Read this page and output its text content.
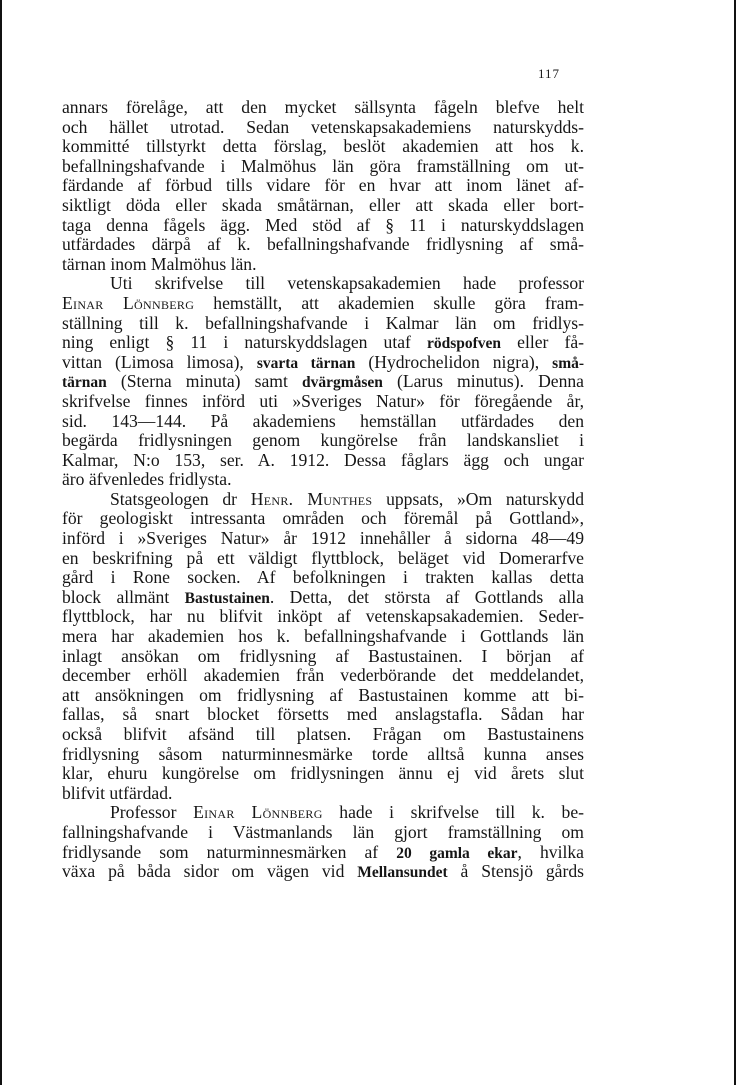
117
annars förelåge, att den mycket sällsynta fågeln blefve helt
och hället utrotad. Sedan vetenskapsakademiens naturskydds-
kommitté tillstyrkt detta förslag, beslöt akademien att hos k.
befallningshafvande i Malmöhus län göra framställning om ut-
färdande af förbud tills vidare för en hvar att inom länet af-
siktligt döda eller skada småtärnan, eller att skada eller bort-
taga denna fågels ägg. Med stöd af § 11 i naturskyddslagen
utfärdades därpå af k. befallningshafvande fridlysning af små-
tärnan inom Malmöhus län.
Uti skrifvelse till vetenskapsakademien hade professor
Einar Lönnberg hemställt, att akademien skulle göra fram-
ställning till k. befallningshafvande i Kalmar län om fridlys-
ning enligt § 11 i naturskyddslagen utaf rödspofven eller få-
vittan (Limosa limosa), svarta tärnan (Hydrochelidon nigra), små-
tärnan (Sterna minuta) samt dvärgmåsen (Larus minutus). Denna
skrifvelse finnes införd uti »Sveriges Natur» för föregående år,
sid. 143—144. På akademiens hemställan utfärdades den
begärda fridlysningen genom kungörelse från landskansliet i
Kalmar, N:o 153, ser. A. 1912. Dessa fåglars ägg och ungar
äro äfvenledes fridlysta.
Statsgeologen dr Henr. Munthes uppsats, »Om naturskydd
för geologiskt intressanta områden och föremål på Gottland»,
införd i »Sveriges Natur» år 1912 innehåller å sidorna 48—49
en beskrifning på ett väldigt flyttblock, beläget vid Domerarfve
gård i Rone socken. Af befolkningen i trakten kallas detta
block allmänt Bastustainen. Detta, det största af Gottlands alla
flyttblock, har nu blifvit inköpt af vetenskapsakademien. Seder-
mera har akademien hos k. befallningshafvande i Gottlands län
inlagt ansökan om fridlysning af Bastustainen. I början af
december erhöll akademien från vederbörande det meddelandet,
att ansökningen om fridlysning af Bastustainen komme att bi-
fallas, så snart blocket försetts med anslagstafla. Sådan har
också blifvit afsänd till platsen. Frågan om Bastustainens
fridlysning såsom naturminnesmärke torde alltså kunna anses
klar, ehuru kungörelse om fridlysningen ännu ej vid årets slut
blifvit utfärdad.
Professor Einar Lönnberg hade i skrifvelse till k. be-
fallningshafvande i Västmanlands län gjort framställning om
fridlysande som naturminnesmärken af 20 gamla ekar, hvilka
växa på båda sidor om vägen vid Mellansundet å Stensjö gårds
